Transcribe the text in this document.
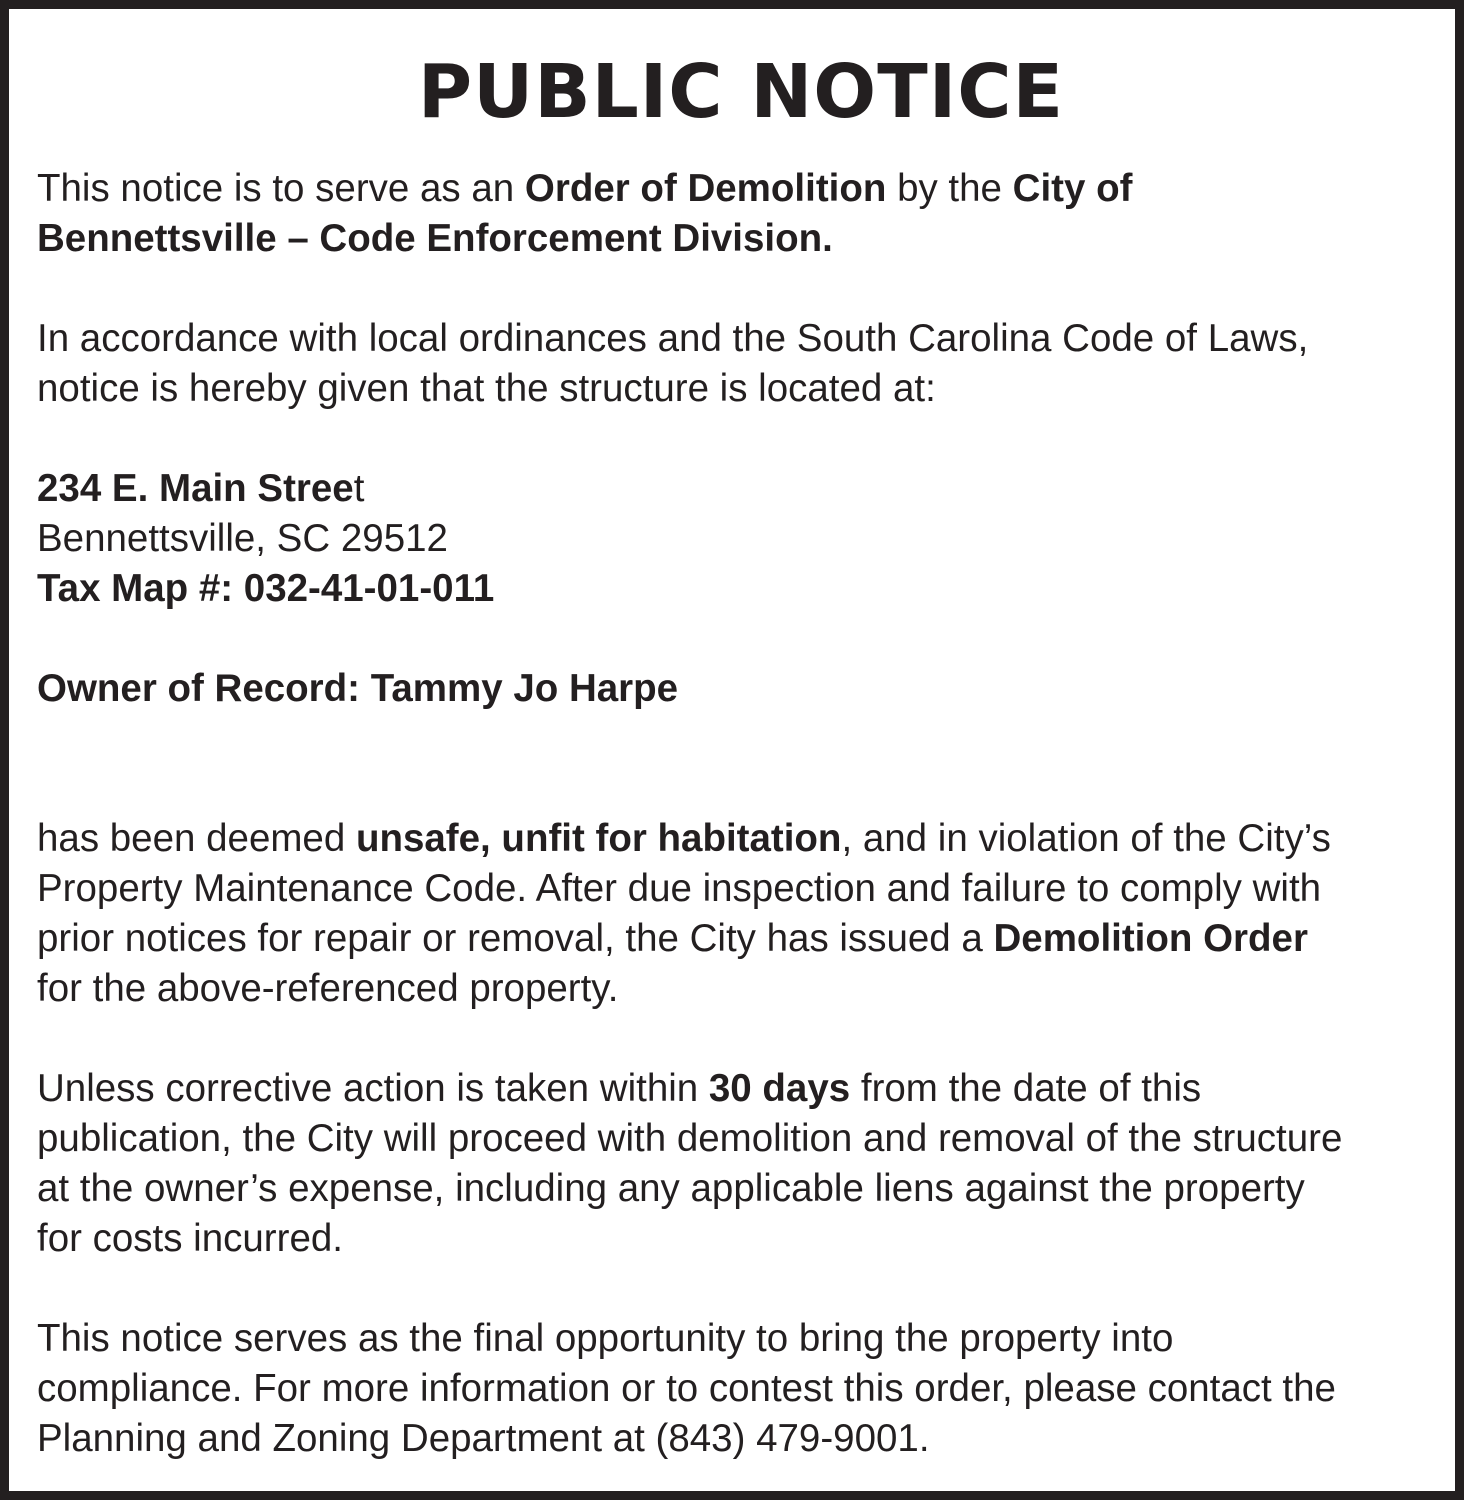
PUBLIC NOTICE

This notice is to serve as an Order of Demolition by the City of
Bennettsville – Code Enforcement Division.

In accordance with local ordinances and the South Carolina Code of Laws,
notice is hereby given that the structure is located at:

234 E. Main Street
Bennettsville, SC 29512
Tax Map #: 032-41-01-011

Owner of Record: Tammy Jo Harpe

has been deemed unsafe, unfit for habitation, and in violation of the City’s
Property Maintenance Code. After due inspection and failure to comply with
prior notices for repair or removal, the City has issued a Demolition Order
for the above-referenced property.

Unless corrective action is taken within 30 days from the date of this
publication, the City will proceed with demolition and removal of the structure
at the owner’s expense, including any applicable liens against the property
for costs incurred.

This notice serves as the final opportunity to bring the property into
compliance. For more information or to contest this order, please contact the
Planning and Zoning Department at (843) 479-9001.
